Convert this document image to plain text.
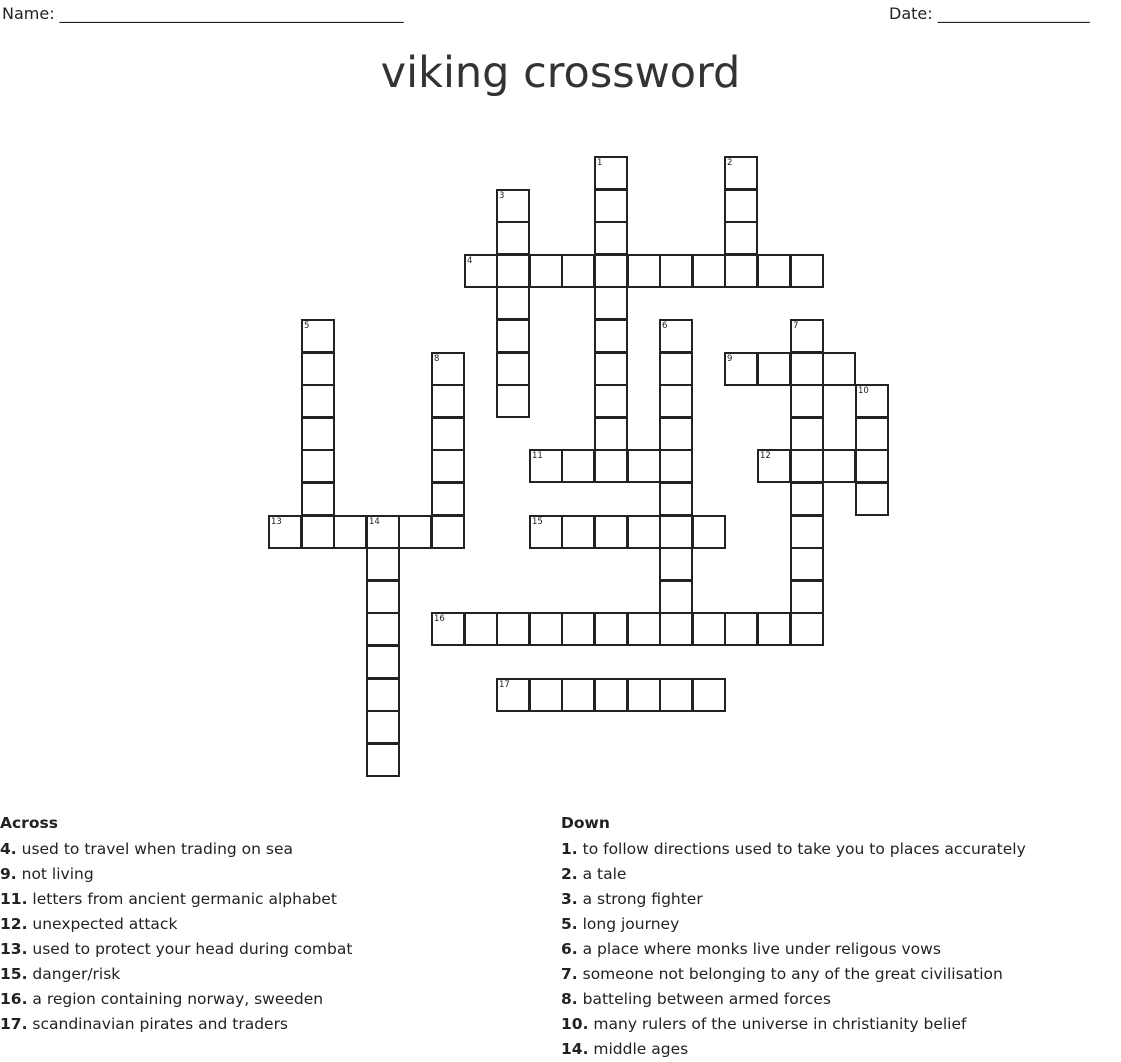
Name: ___________________________________________	Date: ___________________
viking crossword
4
9
11	12
13	14	15
16
17
1	2
3
5	6	7
8
10
Across
4. used to travel when trading on sea
9. not living
11. letters from ancient germanic alphabet
12. unexpected attack
13. used to protect your head during combat
15. danger/risk
16. a region containing norway, sweeden
17. scandinavian pirates and traders
Down
1. to follow directions used to take you to places accurately
2. a tale
3. a strong fighter
5. long journey
6. a place where monks live under religous vows
7. someone not belonging to any of the great civilisation
8. batteling between armed forces
10. many rulers of the universe in christianity belief
14. middle ages
